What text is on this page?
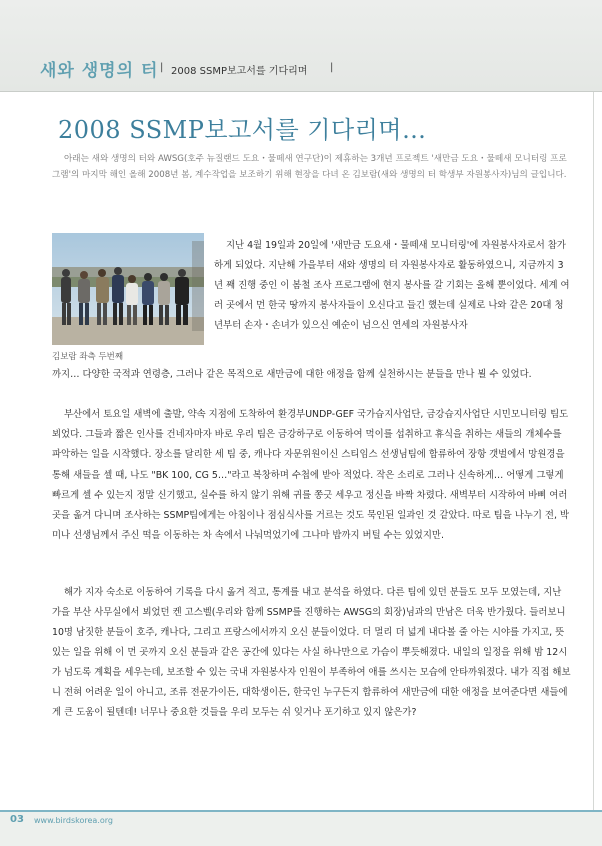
새와 생명의 터 | 2008 SSMP보고서를 기다리며 |
2008 SSMP보고서를 기다리며…
아래는 새와 생명의 터와 AWSG(호주 뉴질랜드 도요・물떼새 연구단)이 제휴하는 3개년 프로젝트 '새만금 도요・물떼새 모니터링 프로그램'의 마지막 해인 올해 2008년 봄, 계수작업을 보조하기 위해 현장을 다녀 온 김보람(새와 생명의 터 학생부 자원봉사자)님의 글입니다.
김보람 좌측 두번째
지난 4월 19일과 20일에 '새만금 도요새・물떼새 모니터링'에 자원봉사자로서 참가하게 되었다. 지난해 가을부터 새와 생명의 터 자원봉사자로 활동하였으니, 지금까지 3년 째 진행 중인 이 봄철 조사 프로그램에 현지 봉사를 갈 기회는 올해 뿐이었다. 세계 여러 곳에서 먼 한국 땅까지 봉사자들이 오신다고 들긴 했는데 실제로 나와 같은 20대 청년부터 손자・손녀가 있으신 예순이 넘으신 연세의 자원봉사자
까지… 다양한 국적과 연령층, 그러나 같은 목적으로 새만금에 대한 애정을 함께 실천하시는 분들을 만나 뵐 수 있었다.
부산에서 토요일 새벽에 출발, 약속 지점에 도착하여 환경부UNDP-GEF 국가습지사업단, 금강습지사업단 시민모니터링 팀도 뵈었다. 그들과 짧은 인사를 건네자마자 바로 우리 팀은 금강하구로 이동하여 먹이를 섭취하고 휴식을 취하는 새들의 개체수를 파악하는 일을 시작했다. 장소를 달리한 세 팀 중, 캐나다 자문위원이신 스티임스 선생님팀에 합류하여 장항 갯벌에서 망원경을 통해 새들을 셀 때, 나도 "BK 100, CG 5…"라고 복창하며 수첩에 받아 적었다. 작은 소리로 그러나 신속하게… 어떻게 그렇게 빠르게 셀 수 있는지 정말 신기했고, 실수를 하지 않기 위해 귀를 쫑긋 세우고 정신을 바짝 차렸다. 새벽부터 시작하여 바삐 여러 곳을 옮겨 다니며 조사하는 SSMP팀에게는 아침이나 점심식사를 거르는 것도 묵인된 일과인 것 같았다. 따로 팀을 나누기 전, 박미나 선생님께서 주신 떡을 이동하는 차 속에서 나눠먹었기에 그나마 밥까지 버틸 수는 있었지만.
해가 지자 숙소로 이동하여 기록을 다시 옮겨 적고, 통계를 내고 분석을 하였다. 다른 팀에 있던 분들도 모두 모였는데, 지난 가을 부산 사무실에서 뵈었던 켄 고스벨(우리와 함께 SSMP를 진행하는 AWSG의 회장)님과의 만남은 더욱 반가웠다. 들러보니 10명 남짓한 분들이 호주, 캐나다, 그리고 프랑스에서까지 오신 분들이었다. 더 멀리 더 넓게 내다볼 줄 아는 시야를 가지고, 뜻있는 일을 위해 이 먼 곳까지 오신 분들과 같은 공간에 있다는 사실 하나만으로 가슴이 뿌듯해졌다. 내일의 일정을 위해 밤 12시가 넘도록 계획을 세우는데, 보조할 수 있는 국내 자원봉사자 인원이 부족하여 애를 쓰시는 모습에 안타까워졌다. 내가 직접 해보니 전혀 어려운 일이 아니고, 조류 전문가이든, 대학생이든, 한국인 누구든지 합류하여 새만금에 대한 애정을 보여준다면 새들에게 큰 도움이 될텐데! 너무나 중요한 것들을 우리 모두는 쉬 잊거나 포기하고 있지 않은가?
03 www.birdskorea.org
